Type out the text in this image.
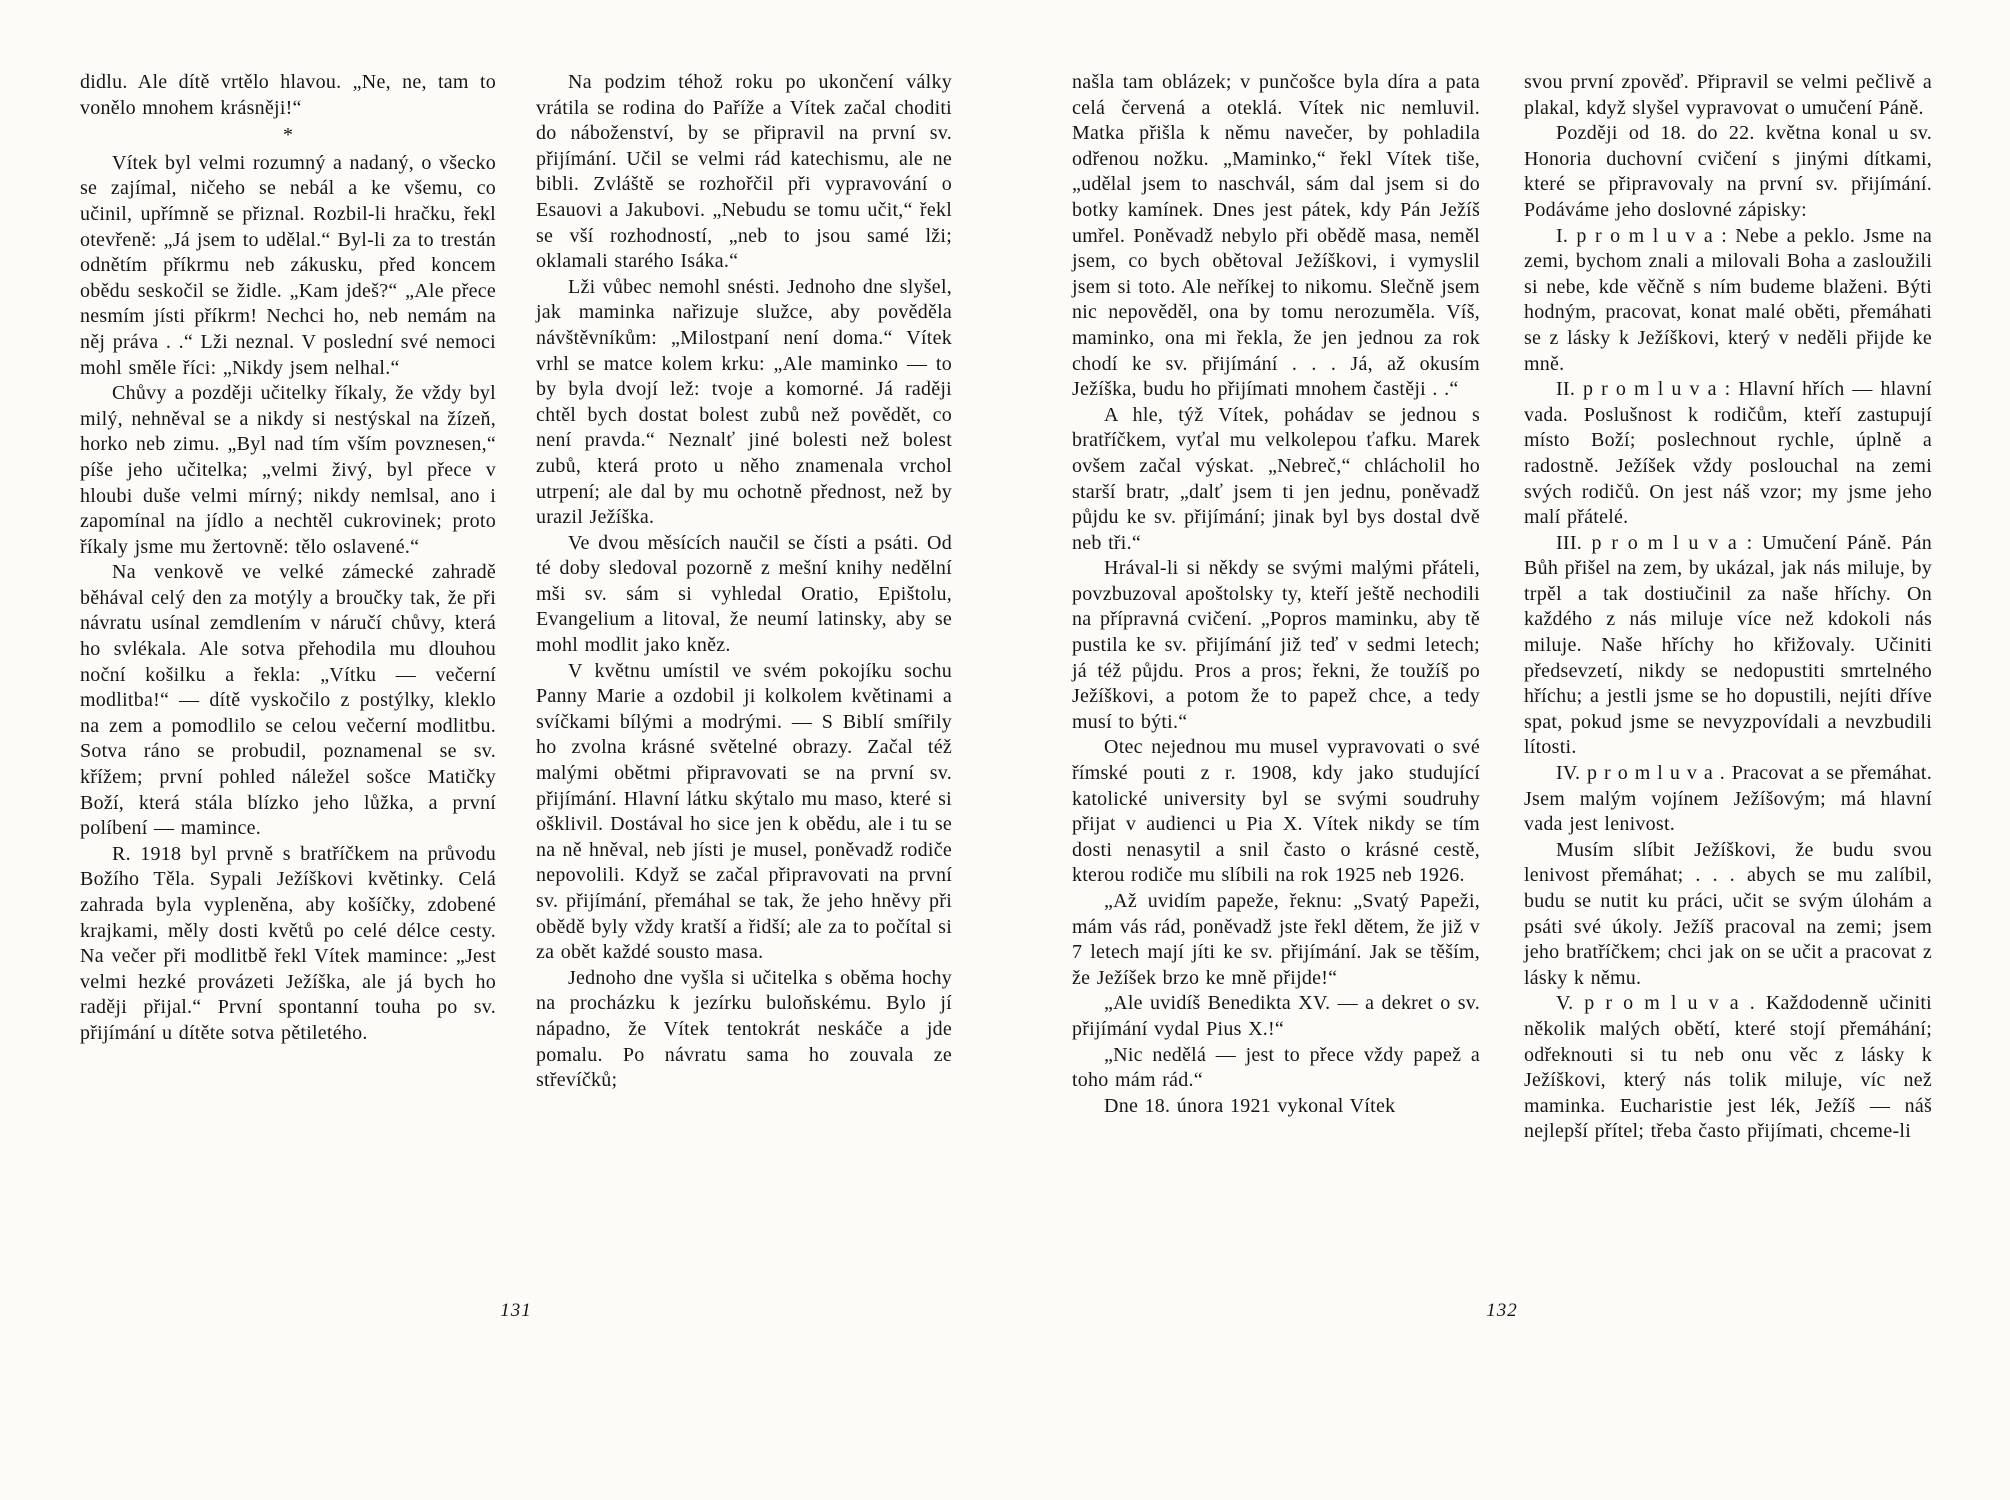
didlu. Ale dítě vrtělo hlavou. „Ne, ne, tam to vonělo mnohem krásněji!“

*

Vítek byl velmi rozumný a nadaný, o všecko se zajímal, ničeho se nebál a ke všemu, co učinil, upřímně se přiznal. Rozbil-li hračku, řekl otevřeně: „Já jsem to udělal.“ Byl-li za to trestán odnětím příkrmu neb zákusku, před koncem obědu seskočil se židle. „Kam jdeš?“ „Ale přece nesmím jísti příkrm! Nechci ho, neb nemám na něj práva . .“ Lži neznal. V poslední své nemoci mohl směle říci: „Nikdy jsem nelhal.“

Chůvy a později učitelky říkaly, že vždy byl milý, nehněval se a nikdy si nestýskal na žízeň, horko neb zimu. „Byl nad tím vším povznesen,“ píše jeho učitelka; „velmi živý, byl přece v hloubi duše velmi mírný; nikdy nemlsal, ano i zapomínal na jídlo a nechtěl cukrovinek; proto říkaly jsme mu žertovně: tělo oslavené.“

Na venkově ve velké zámecké zahradě běhával celý den za motýly a broučky tak, že při návratu usínal zemdlením v náručí chůvy, která ho svlékala. Ale sotva přehodila mu dlouhou noční košilku a řekla: „Vítku — večerní modlitba!“ — dítě vyskočilo z postýlky, kleklo na zem a pomodlilo se celou večerní modlitbu. Sotva ráno se probudil, poznamenal se sv. křížem; první pohled náležel sošce Matičky Boží, která stála blízko jeho lůžka, a první políbení — mamince.

R. 1918 byl prvně s bratříčkem na průvodu Božího Těla. Sypali Ježíškovi květinky. Celá zahrada byla vypleněna, aby košíčky, zdobené krajkami, měly dosti květů po celé délce cesty. Na večer při modlitbě řekl Vítek mamince: „Jest velmi hezké provázeti Ježíška, ale já bych ho raději přijal.“ První spontanní touha po sv. přijímání u dítěte sotva pětiletého.

Na podzim téhož roku po ukončení války vrátila se rodina do Paříže a Vítek začal choditi do náboženství, by se připravil na první sv. přijímání. Učil se velmi rád katechismu, ale ne bibli. Zvláště se rozhořčil při vypravování o Esauovi a Jakubovi. „Nebudu se tomu učit,“ řekl se vší rozhodností, „neb to jsou samé lži; oklamali starého Isáka.“

Lži vůbec nemohl snésti. Jednoho dne slyšel, jak maminka nařizuje služce, aby pověděla návštěvníkům: „Milostpaní není doma.“ Vítek vrhl se matce kolem krku: „Ale maminko — to by byla dvojí lež: tvoje a komorné. Já raději chtěl bych dostat bolest zubů než povědět, co není pravda.“ Neznalť jiné bolesti než bolest zubů, která proto u něho znamenala vrchol utrpení; ale dal by mu ochotně přednost, než by urazil Ježíška.

Ve dvou měsících naučil se čísti a psáti. Od té doby sledoval pozorně z mešní knihy nedělní mši sv. sám si vyhledal Oratio, Epištolu, Evangelium a litoval, že neumí latinsky, aby se mohl modlit jako kněz.

V květnu umístil ve svém pokojíku sochu Panny Marie a ozdobil ji kolkolem květinami a svíčkami bílými a modrými. — S Biblí smířily ho zvolna krásné světelné obrazy. Začal též malými obětmi připravovati se na první sv. přijímání. Hlavní látku skýtalo mu maso, které si ošklivil. Dostával ho sice jen k obědu, ale i tu se na ně hněval, neb jísti je musel, poněvadž rodiče nepovolili. Když se začal připravovati na první sv. přijímání, přemáhal se tak, že jeho hněvy při obědě byly vždy kratší a řidší; ale za to počítal si za obět každé sousto masa.

Jednoho dne vyšla si učitelka s oběma hochy na procházku k jezírku buloňskému. Bylo jí nápadno, že Vítek tentokrát neskáče a jde pomalu. Po návratu sama ho zouvala ze střevíčků;

131

našla tam oblázek; v punčošce byla díra a pata celá červená a oteklá. Vítek nic nemluvil. Matka přišla k němu navečer, by pohladila odřenou nožku. „Maminko,“ řekl Vítek tiše, „udělal jsem to naschvál, sám dal jsem si do botky kamínek. Dnes jest pátek, kdy Pán Ježíš umřel. Poněvadž nebylo při obědě masa, neměl jsem, co bych obětoval Ježíškovi, i vymyslil jsem si toto. Ale neříkej to nikomu. Slečně jsem nic nepověděl, ona by tomu nerozuměla. Víš, maminko, ona mi řekla, že jen jednou za rok chodí ke sv. přijímání . . . Já, až okusím Ježíška, budu ho přijímati mnohem častěji . .“

A hle, týž Vítek, pohádav se jednou s bratříčkem, vyťal mu velkolepou ťafku. Marek ovšem začal výskat. „Nebreč,“ chlácholil ho starší bratr, „dalť jsem ti jen jednu, poněvadž půjdu ke sv. přijímání; jinak byl bys dostal dvě neb tři.“

Hrával-li si někdy se svými malými přáteli, povzbuzoval apoštolsky ty, kteří ještě nechodili na přípravná cvičení. „Popros maminku, aby tě pustila ke sv. přijímání již teď v sedmi letech; já též půjdu. Pros a pros; řekni, že toužíš po Ježíškovi, a potom že to papež chce, a tedy musí to býti.“

Otec nejednou mu musel vypravovati o své římské pouti z r. 1908, kdy jako studující katolické university byl se svými soudruhy přijat v audienci u Pia X. Vítek nikdy se tím dosti nenasytil a snil často o krásné cestě, kterou rodiče mu slíbili na rok 1925 neb 1926.

„Až uvidím papeže, řeknu: „Svatý Papeži, mám vás rád, poněvadž jste řekl dětem, že již v 7 letech mají jíti ke sv. přijímání. Jak se těším, že Ježíšek brzo ke mně přijde!“

„Ale uvidíš Benedikta XV. — a dekret o sv. přijímání vydal Pius X.!“

„Nic nedělá — jest to přece vždy papež a toho mám rád.“

Dne 18. února 1921 vykonal Vítek

svou první zpověď. Připravil se velmi pečlivě a plakal, když slyšel vypravovat o umučení Páně.

Později od 18. do 22. května konal u sv. Honoria duchovní cvičení s jinými dítkami, které se připravovaly na první sv. přijímání. Podáváme jeho doslovné zápisky:

I. p r o m l u v a : Nebe a peklo. Jsme na zemi, bychom znali a milovali Boha a zasloužili si nebe, kde věčně s ním budeme blaženi. Býti hodným, pracovat, konat malé oběti, přemáhati se z lásky k Ježíškovi, který v neděli přijde ke mně.

II. p r o m l u v a : Hlavní hřích — hlavní vada. Poslušnost k rodičům, kteří zastupují místo Boží; poslechnout rychle, úplně a radostně. Ježíšek vždy poslouchal na zemi svých rodičů. On jest náš vzor; my jsme jeho malí přátelé.

III. p r o m l u v a : Umučení Páně. Pán Bůh přišel na zem, by ukázal, jak nás miluje, by trpěl a tak dostiučinil za naše hříchy. On každého z nás miluje více než kdokoli nás miluje. Naše hříchy ho křižovaly. Učiniti předsevzetí, nikdy se nedopustiti smrtelného hříchu; a jestli jsme se ho dopustili, nejíti dříve spat, pokud jsme se nevyzpovídali a nevzbudili lítosti.

IV. p r o m l u v a . Pracovat a se přemáhat. Jsem malým vojínem Ježíšovým; má hlavní vada jest lenivost.

Musím slíbit Ježíškovi, že budu svou lenivost přemáhat; . . . abych se mu zalíbil, budu se nutit ku práci, učit se svým úlohám a psáti své úkoly. Ježíš pracoval na zemi; jsem jeho bratříčkem; chci jak on se učit a pracovat z lásky k němu.

V. p r o m l u v a . Každodenně učiniti několik malých obětí, které stojí přemáhání; odřeknouti si tu neb onu věc z lásky k Ježíškovi, který nás tolik miluje, víc než maminka. Eucharistie jest lék, Ježíš — náš nejlepší přítel; třeba často přijímati, chceme-li

132
